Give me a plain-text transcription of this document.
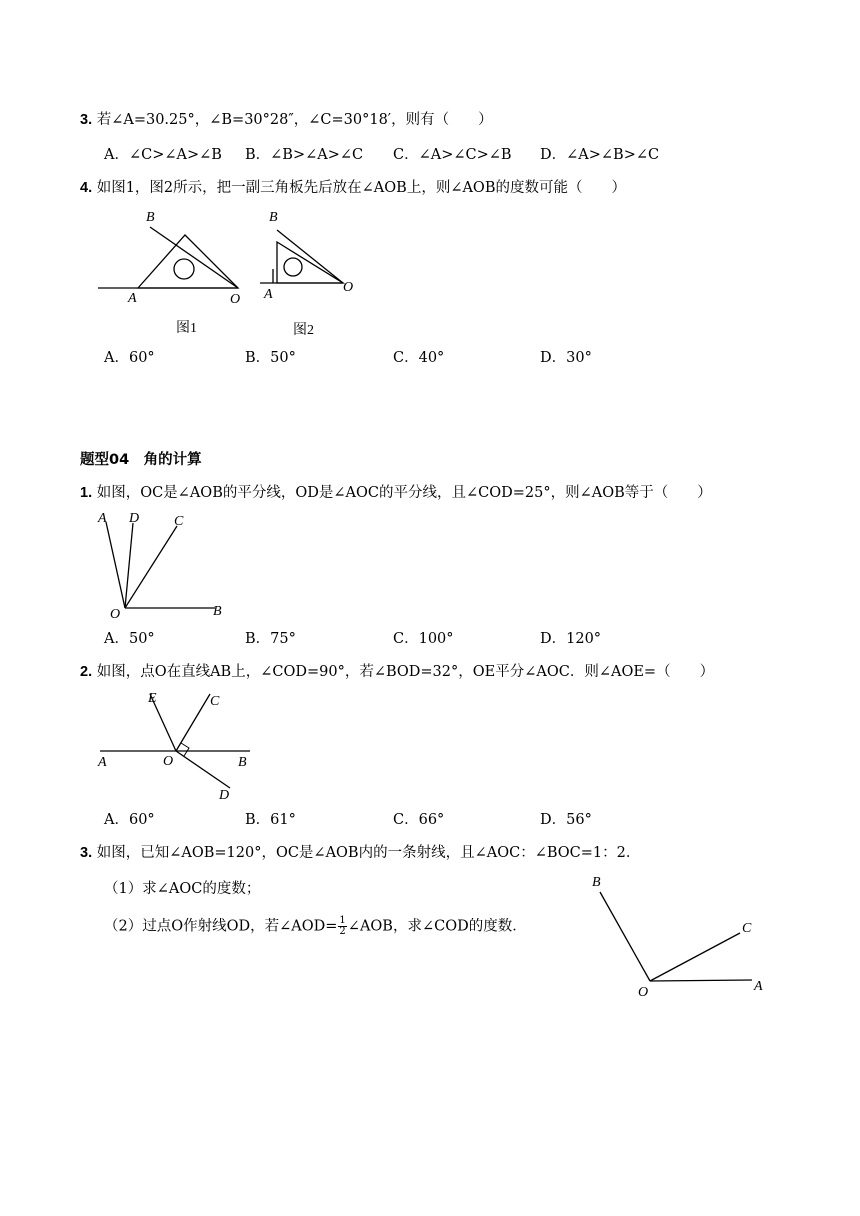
3. 若∠A=30.25°，∠B=30°28″，∠C=30°18′，则有（　　）
A．∠C>∠A>∠B B．∠B>∠A>∠C C．∠A>∠C>∠B D．∠A>∠B>∠C
4. 如图1，图2所示，把一副三角板先后放在∠AOB上，则∠AOB的度数可能（　　）
B
A	O
图1
B
A	O
图2
A．60°	B．50°	C．40°	D．30°
题型04　角的计算
1. 如图，OC是∠AOB的平分线，OD是∠AOC的平分线，且∠COD=25°，则∠AOB等于（　　）
A D C
O	B
A．50°	B．75°	C．100°	D．120°
2. 如图，点O在直线AB上，∠COD=90°，若∠BOD=32°，OE平分∠AOC．则∠AOE=（　　）
E	C
A	O	B
D
A．60°	B．61°	C．66°	D．56°
3. 如图，已知∠AOB=120°，OC是∠AOB内的一条射线，且∠AOC：∠BOC=1：2．
（1）求∠AOC的度数；
（2）过点O作射线OD，若∠AOD= $\frac{1}{2}$ ∠AOB，求∠COD的度数．
B
C
O	A
